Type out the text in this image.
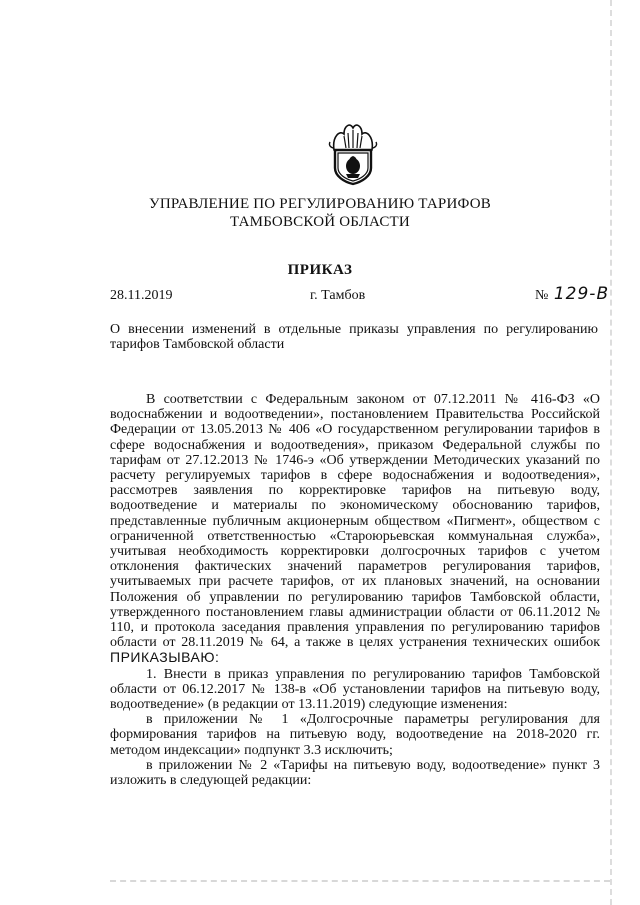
УПРАВЛЕНИЕ ПО РЕГУЛИРОВАНИЮ ТАРИФОВ
ТАМБОВСКОЙ ОБЛАСТИ
ПРИКАЗ
28.11.2019	г. Тамбов	№ 129-В
О внесении изменений в отдельные приказы управления по регулированию тарифов Тамбовской области

В соответствии с Федеральным законом от 07.12.2011 № 416-ФЗ «О водоснабжении и водоотведении», постановлением Правительства Российской Федерации от 13.05.2013 № 406 «О государственном регулировании тарифов в сфере водоснабжения и водоотведения», приказом Федеральной службы по тарифам от 27.12.2013 № 1746-э «Об утверждении Методических указаний по расчету регулируемых тарифов в сфере водоснабжения и водоотведения», рассмотрев заявления по корректировке тарифов на питьевую воду, водоотведение и материалы по экономическому обоснованию тарифов, представленные публичным акционерным обществом «Пигмент», обществом с ограниченной ответственностью «Староюрьевская коммунальная служба», учитывая необходимость корректировки долгосрочных тарифов с учетом отклонения фактических значений параметров регулирования тарифов, учитываемых при расчете тарифов, от их плановых значений, на основании Положения об управлении по регулированию тарифов Тамбовской области, утвержденного постановлением главы администрации области от 06.11.2012 № 110, и протокола заседания правления управления по регулированию тарифов области от 28.11.2019 № 64, а также в целях устранения технических ошибок ПРИКАЗЫВАЮ:

1. Внести в приказ управления по регулированию тарифов Тамбовской области от 06.12.2017 № 138-в «Об установлении тарифов на питьевую воду, водоотведение» (в редакции от 13.11.2019) следующие изменения:

в приложении № 1 «Долгосрочные параметры регулирования для формирования тарифов на питьевую воду, водоотведение на 2018-2020 гг. методом индексации» подпункт 3.3 исключить;

в приложении № 2 «Тарифы на питьевую воду, водоотведение» пункт 3 изложить в следующей редакции:
